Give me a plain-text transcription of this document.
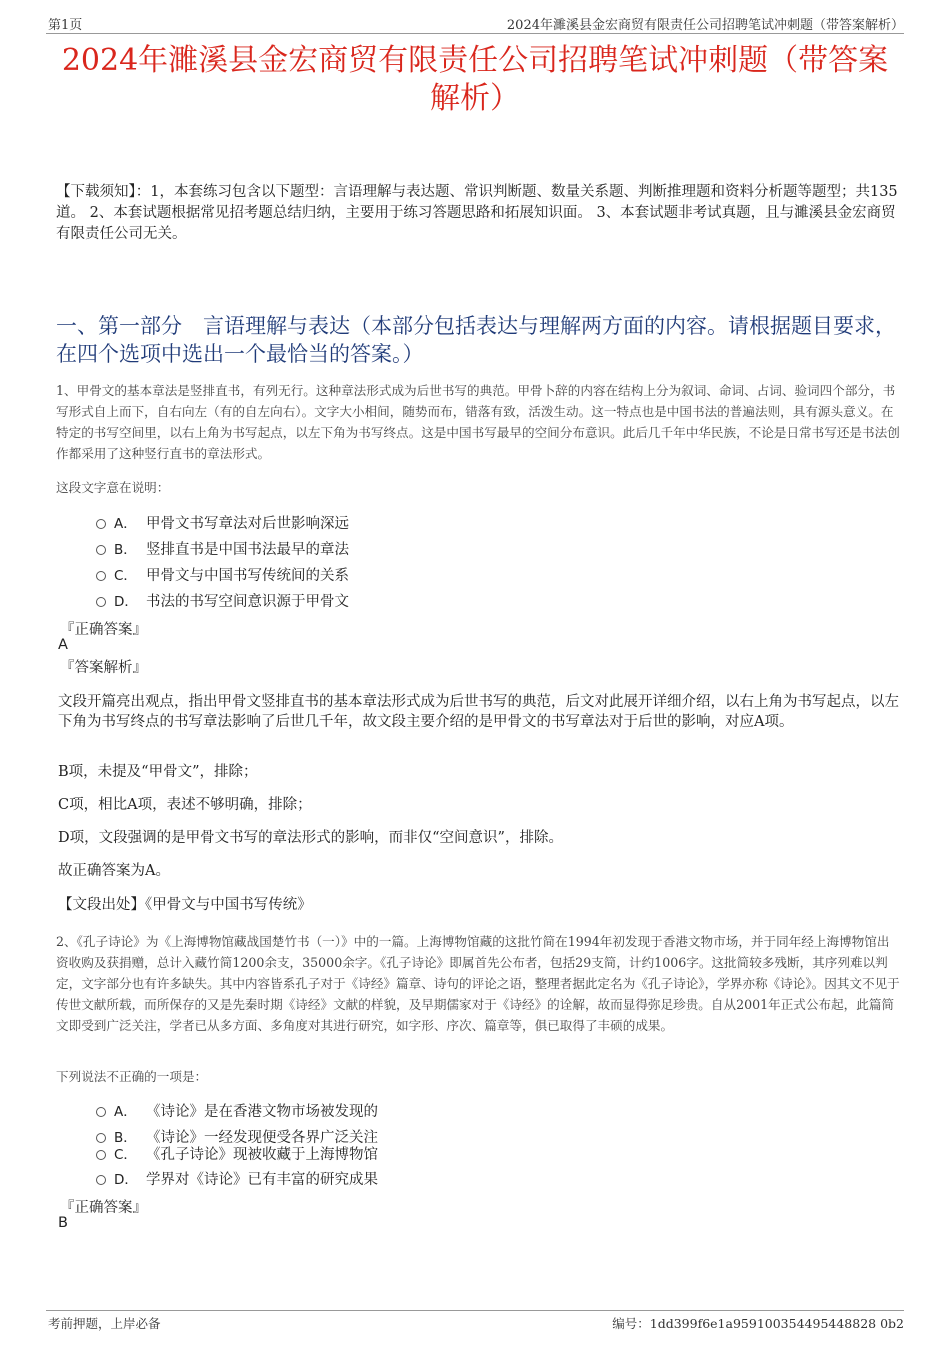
第1页	2024年濉溪县金宏商贸有限责任公司招聘笔试冲刺题（带答案解析）
2024年濉溪县金宏商贸有限责任公司招聘笔试冲刺题（带答案
解析）
【下载须知】：1，本套练习包含以下题型：言语理解与表达题、常识判断题、数量关系题、判断推理题和资料分析题等题型；共135道。 2、本套试题根据常见招考题总结归纳，主要用于练习答题思路和拓展知识面。 3、本套试题非考试真题，且与濉溪县金宏商贸有限责任公司无关。
一、第一部分　言语理解与表达（本部分包括表达与理解两方面的内容。请根据题目要求，在四个选项中选出一个最恰当的答案。）
1、甲骨文的基本章法是竖排直书，有列无行。这种章法形式成为后世书写的典范。甲骨卜辞的内容在结构上分为叙词、命词、占词、验词四个部分，书写形式自上而下，自右向左（有的自左向右）。文字大小相间，随势而布，错落有致，活泼生动。这一特点也是中国书法的普遍法则，具有源头意义。在特定的书写空间里，以右上角为书写起点，以左下角为书写终点。这是中国书写最早的空间分布意识。此后几千年中华民族，不论是日常书写还是书法创作都采用了这种竖行直书的章法形式。
这段文字意在说明：
A． 甲骨文书写章法对后世影响深远
B． 竖排直书是中国书法最早的章法
C． 甲骨文与中国书写传统间的关系
D． 书法的书写空间意识源于甲骨文
『正确答案』
A
『答案解析』
文段开篇亮出观点，指出甲骨文竖排直书的基本章法形式成为后世书写的典范，后文对此展开详细介绍，以右上角为书写起点，以左下角为书写终点的书写章法影响了后世几千年，故文段主要介绍的是甲骨文的书写章法对于后世的影响，对应A项。
B项，未提及“甲骨文”，排除；
C项，相比A项，表述不够明确，排除；
D项，文段强调的是甲骨文书写的章法形式的影响，而非仅“空间意识”，排除。
故正确答案为A。
【文段出处】《甲骨文与中国书写传统》
2、《孔子诗论》为《上海博物馆藏战国楚竹书（一）》中的一篇。上海博物馆藏的这批竹简在1994年初发现于香港文物市场，并于同年经上海博物馆出资收购及获捐赠，总计入藏竹简1200余支，35000余字。《孔子诗论》即属首先公布者，包括29支简，计约1006字。这批简较多残断，其序列难以判定，文字部分也有许多缺失。其中内容皆系孔子对于《诗经》篇章、诗句的评论之语，整理者据此定名为《孔子诗论》，学界亦称《诗论》。因其文不见于传世文献所载，而所保存的又是先秦时期《诗经》文献的样貌，及早期儒家对于《诗经》的诠解，故而显得弥足珍贵。自从2001年正式公布起，此篇简文即受到广泛关注，学者已从多方面、多角度对其进行研究，如字形、序次、篇章等，俱已取得了丰硕的成果。
下列说法不正确的一项是：
A． 《诗论》是在香港文物市场被发现的
B． 《诗论》一经发现便受各界广泛关注
C． 《孔子诗论》现被收藏于上海博物馆
D． 学界对《诗论》已有丰富的研究成果
『正确答案』
B
考前押题，上岸必备	编号：1dd399f6e1a959100354495448828 0b2
